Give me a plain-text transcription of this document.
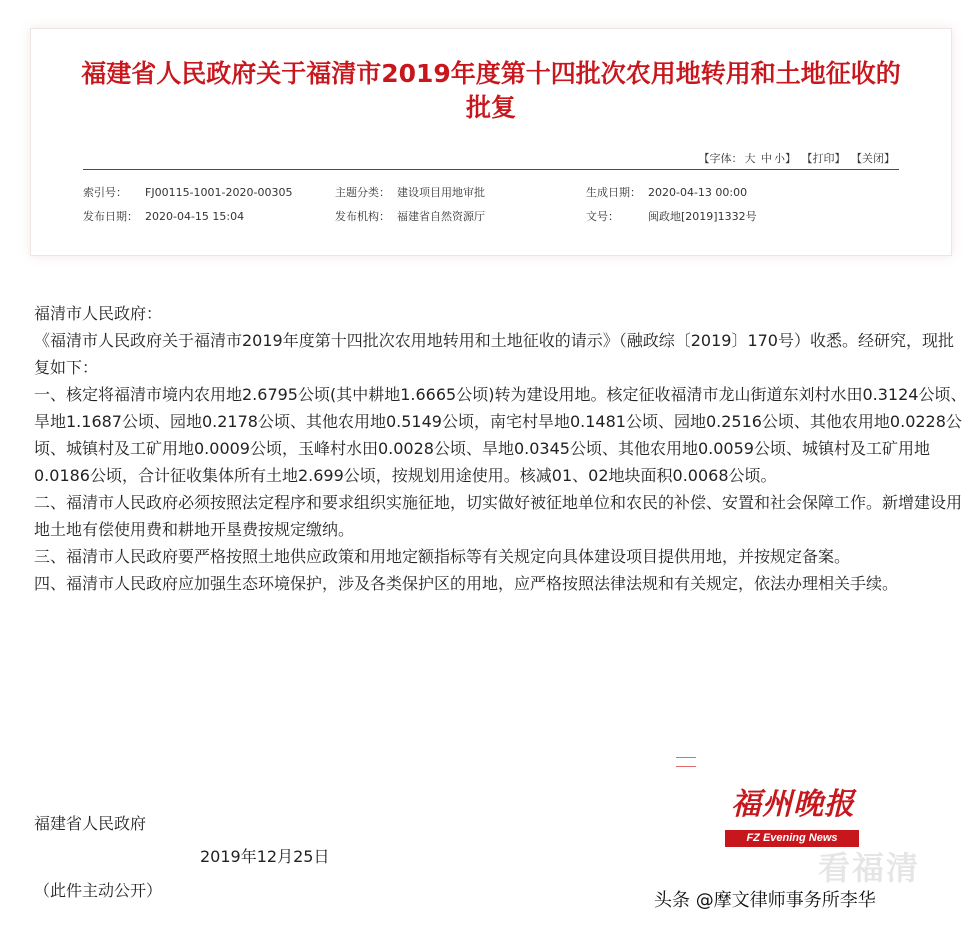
福建省人民政府关于福清市2019年度第十四批次农用地转用和土地征收的批复
【字体： 大 中 小】 【打印】 【关闭】
索引号： FJ00115-1001-2020-00305	主题分类： 建设项目用地审批	生成日期： 2020-04-13 00:00
发布日期： 2020-04-15 15:04	发布机构： 福建省自然资源厅	文号：	闽政地[2019]1332号

福清市人民政府：

《福清市人民政府关于福清市2019年度第十四批次农用地转用和土地征收的请示》（融政综〔2019〕170号）收悉。经研究，现批复如下：

一、核定将福清市境内农用地2.6795公顷(其中耕地1.6665公顷)转为建设用地。核定征收福清市龙山街道东刘村水田0.3124公顷、旱地1.1687公顷、园地0.2178公顷、其他农用地0.5149公顷，南宅村旱地0.1481公顷、园地0.2516公顷、其他农用地0.0228公顷、城镇村及工矿用地0.0009公顷，玉峰村水田0.0028公顷、旱地0.0345公顷、其他农用地0.0059公顷、城镇村及工矿用地0.0186公顷，合计征收集体所有土地2.699公顷，按规划用途使用。核减01、02地块面积0.0068公顷。

二、福清市人民政府必须按照法定程序和要求组织实施征地，切实做好被征地单位和农民的补偿、安置和社会保障工作。新增建设用地土地有偿使用费和耕地开垦费按规定缴纳。

三、福清市人民政府要严格按照土地供应政策和用地定额指标等有关规定向具体建设项目提供用地，并按规定备案。

四、福清市人民政府应加强生态环境保护，涉及各类保护区的用地，应严格按照法律法规和有关规定，依法办理相关手续。

福建省人民政府
2019年12月25日
（此件主动公开）
福州晚报
FZ Evening News
看福清
头条 @摩文律师事务所李华
